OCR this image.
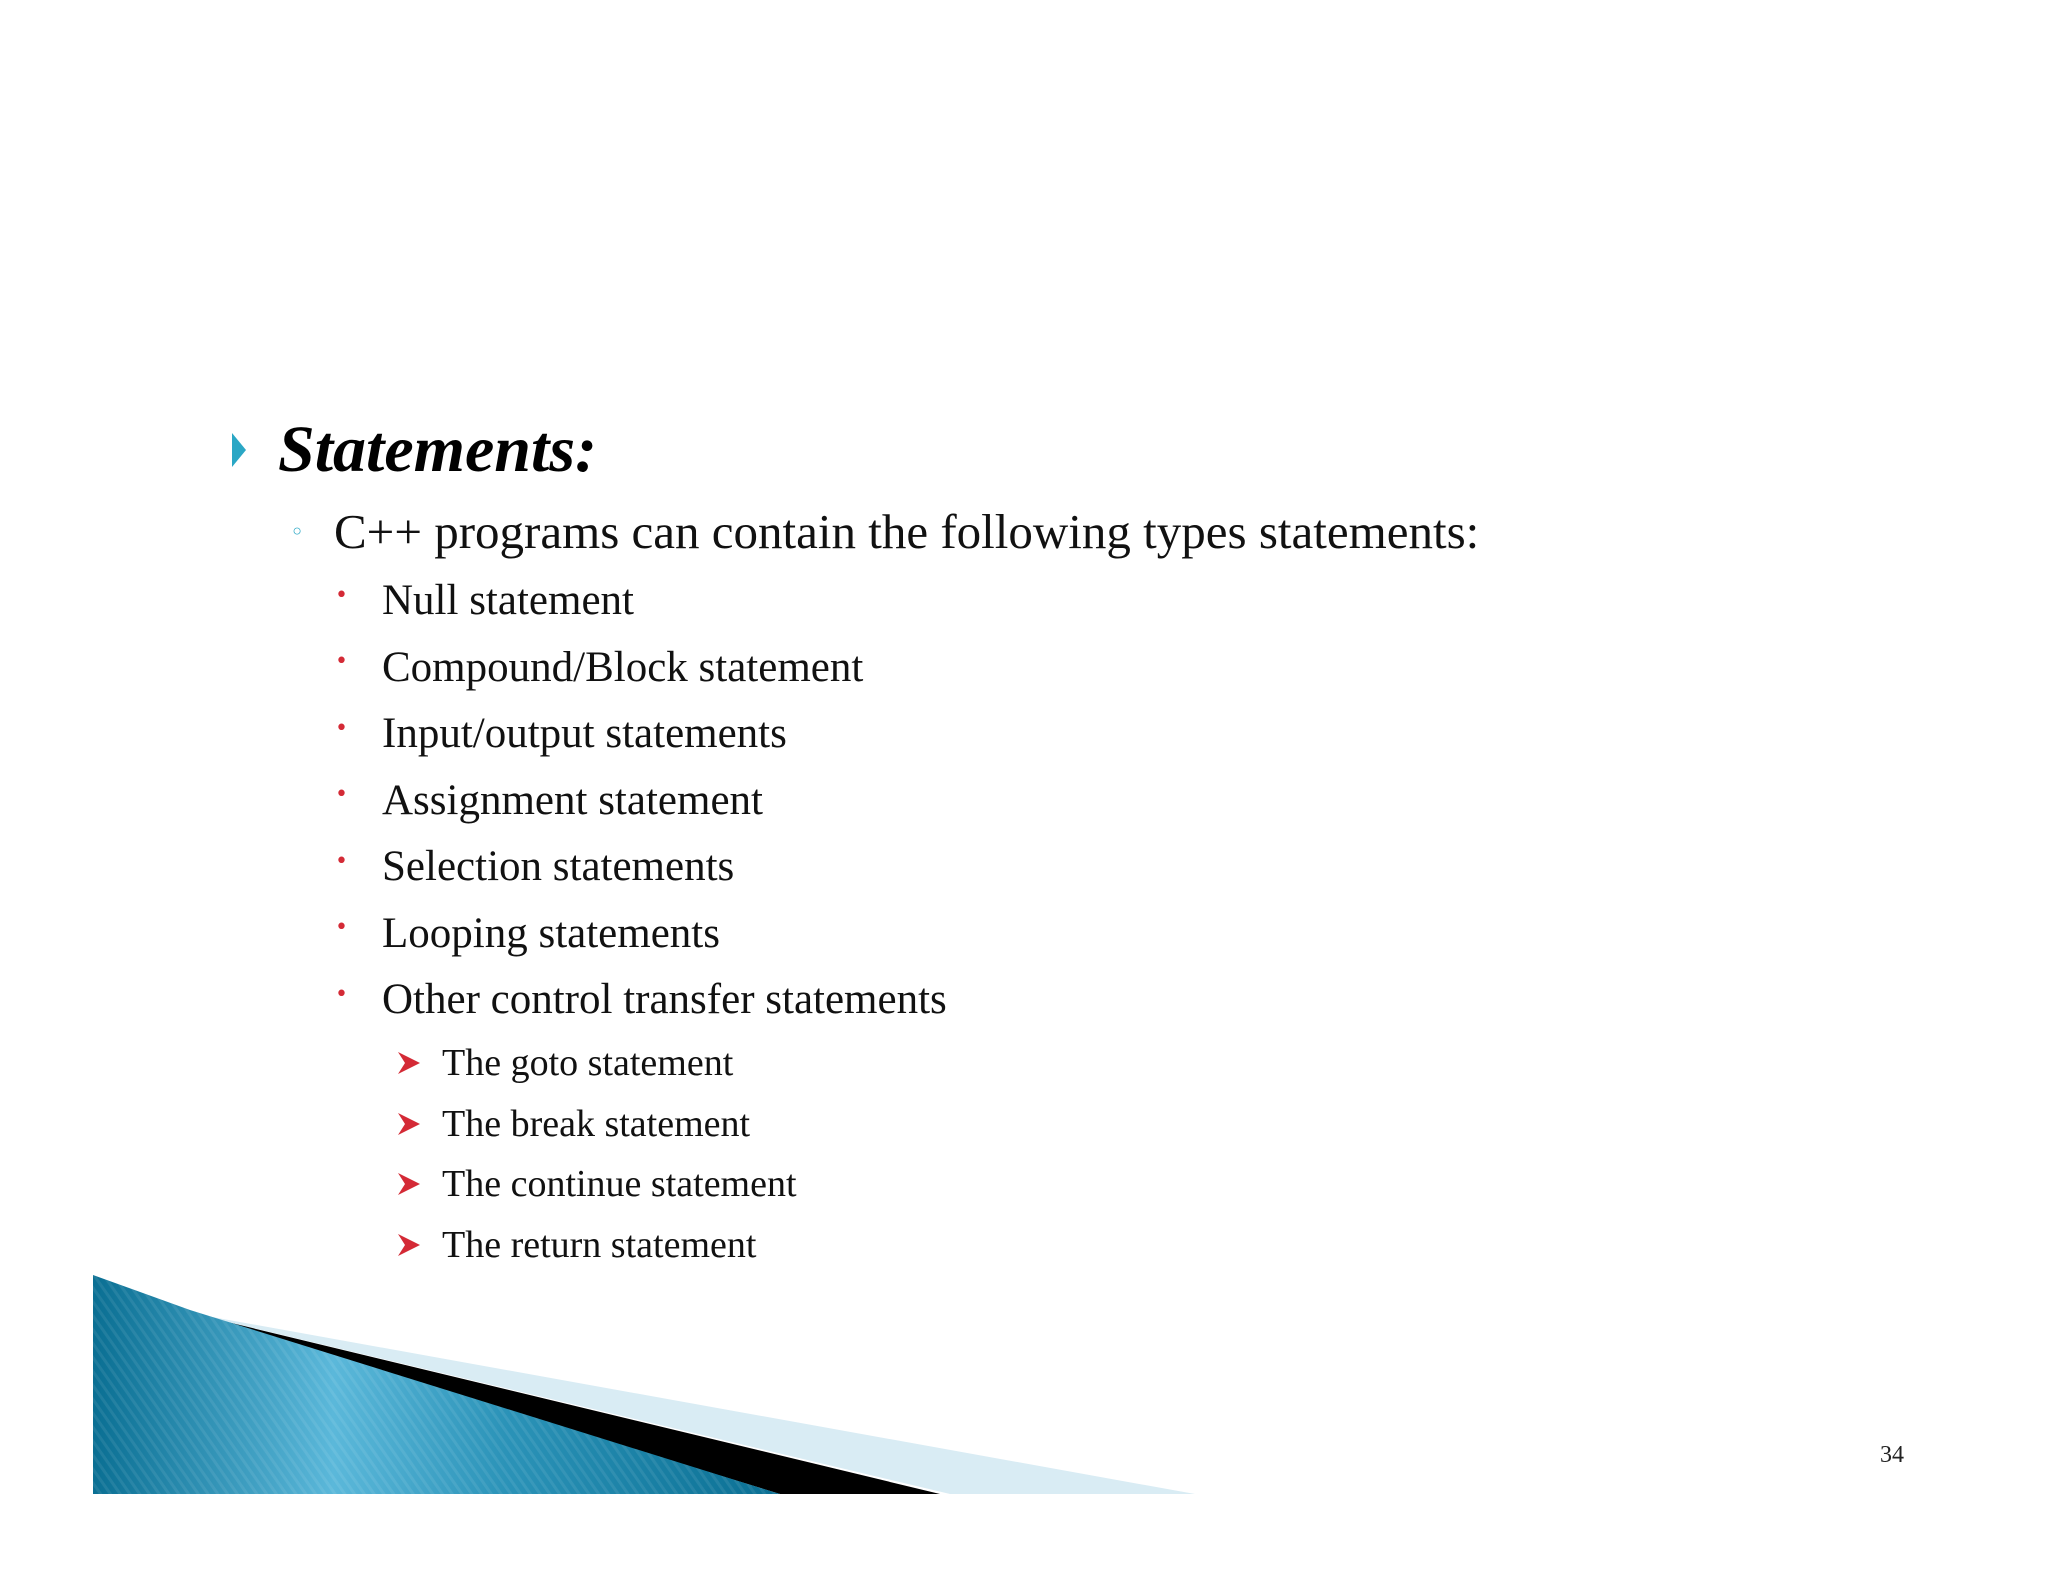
Statements:
◦ C++ programs can contain the following types statements:
• Null statement
• Compound/Block statement
• Input/output statements
• Assignment statement
• Selection statements
• Looping statements
• Other control transfer statements
The goto statement
The break statement
The continue statement
The return statement
34
